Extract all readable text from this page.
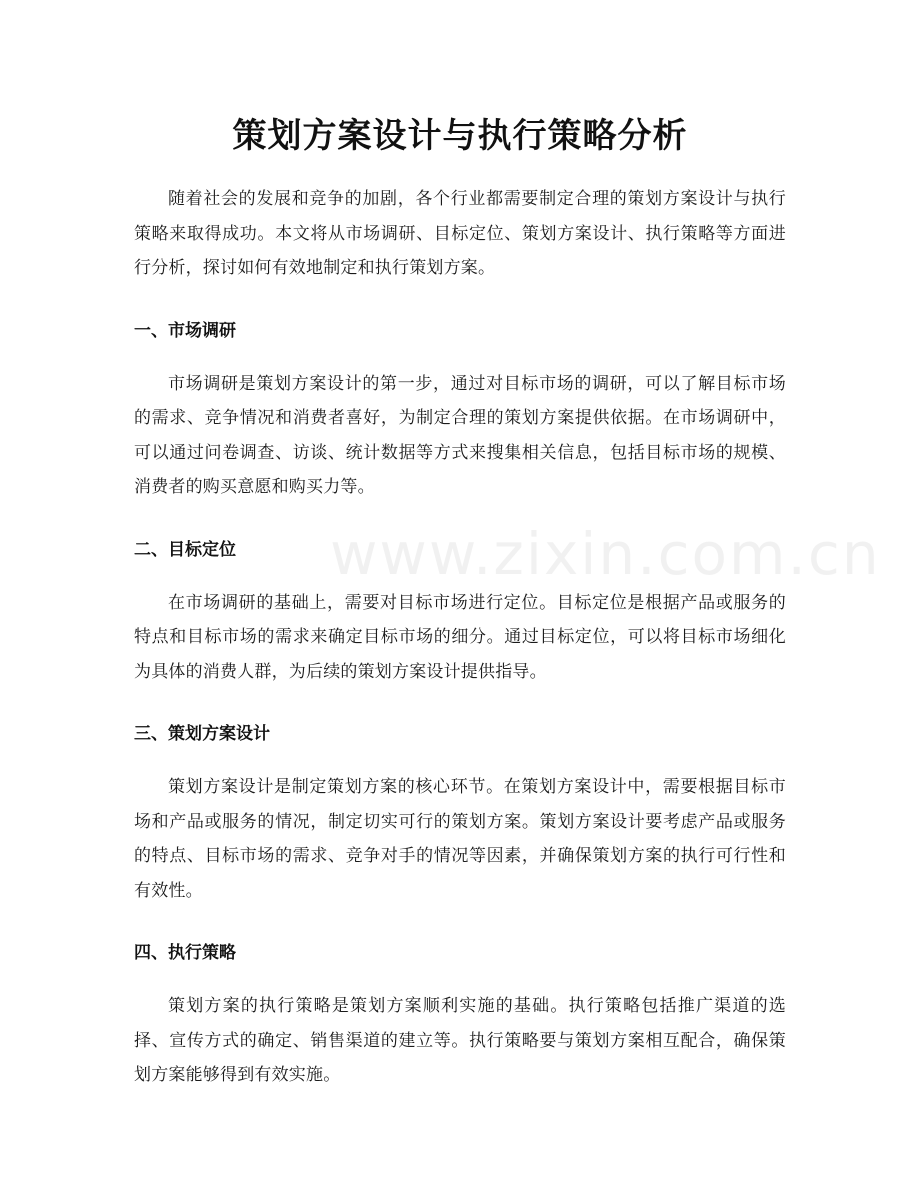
策划方案设计与执行策略分析
www.zixin.com.cn

随着社会的发展和竞争的加剧，各个行业都需要制定合理的策划方案设计与执行策略来取得成功。本文将从市场调研、目标定位、策划方案设计、执行策略等方面进行分析，探讨如何有效地制定和执行策划方案。

一、市场调研

市场调研是策划方案设计的第一步，通过对目标市场的调研，可以了解目标市场的需求、竞争情况和消费者喜好，为制定合理的策划方案提供依据。在市场调研中，可以通过问卷调查、访谈、统计数据等方式来搜集相关信息，包括目标市场的规模、消费者的购买意愿和购买力等。

二、目标定位

在市场调研的基础上，需要对目标市场进行定位。目标定位是根据产品或服务的特点和目标市场的需求来确定目标市场的细分。通过目标定位，可以将目标市场细化为具体的消费人群，为后续的策划方案设计提供指导。

三、策划方案设计

策划方案设计是制定策划方案的核心环节。在策划方案设计中，需要根据目标市场和产品或服务的情况，制定切实可行的策划方案。策划方案设计要考虑产品或服务的特点、目标市场的需求、竞争对手的情况等因素，并确保策划方案的执行可行性和有效性。

四、执行策略

策划方案的执行策略是策划方案顺利实施的基础。执行策略包括推广渠道的选择、宣传方式的确定、销售渠道的建立等。执行策略要与策划方案相互配合，确保策划方案能够得到有效实施。
